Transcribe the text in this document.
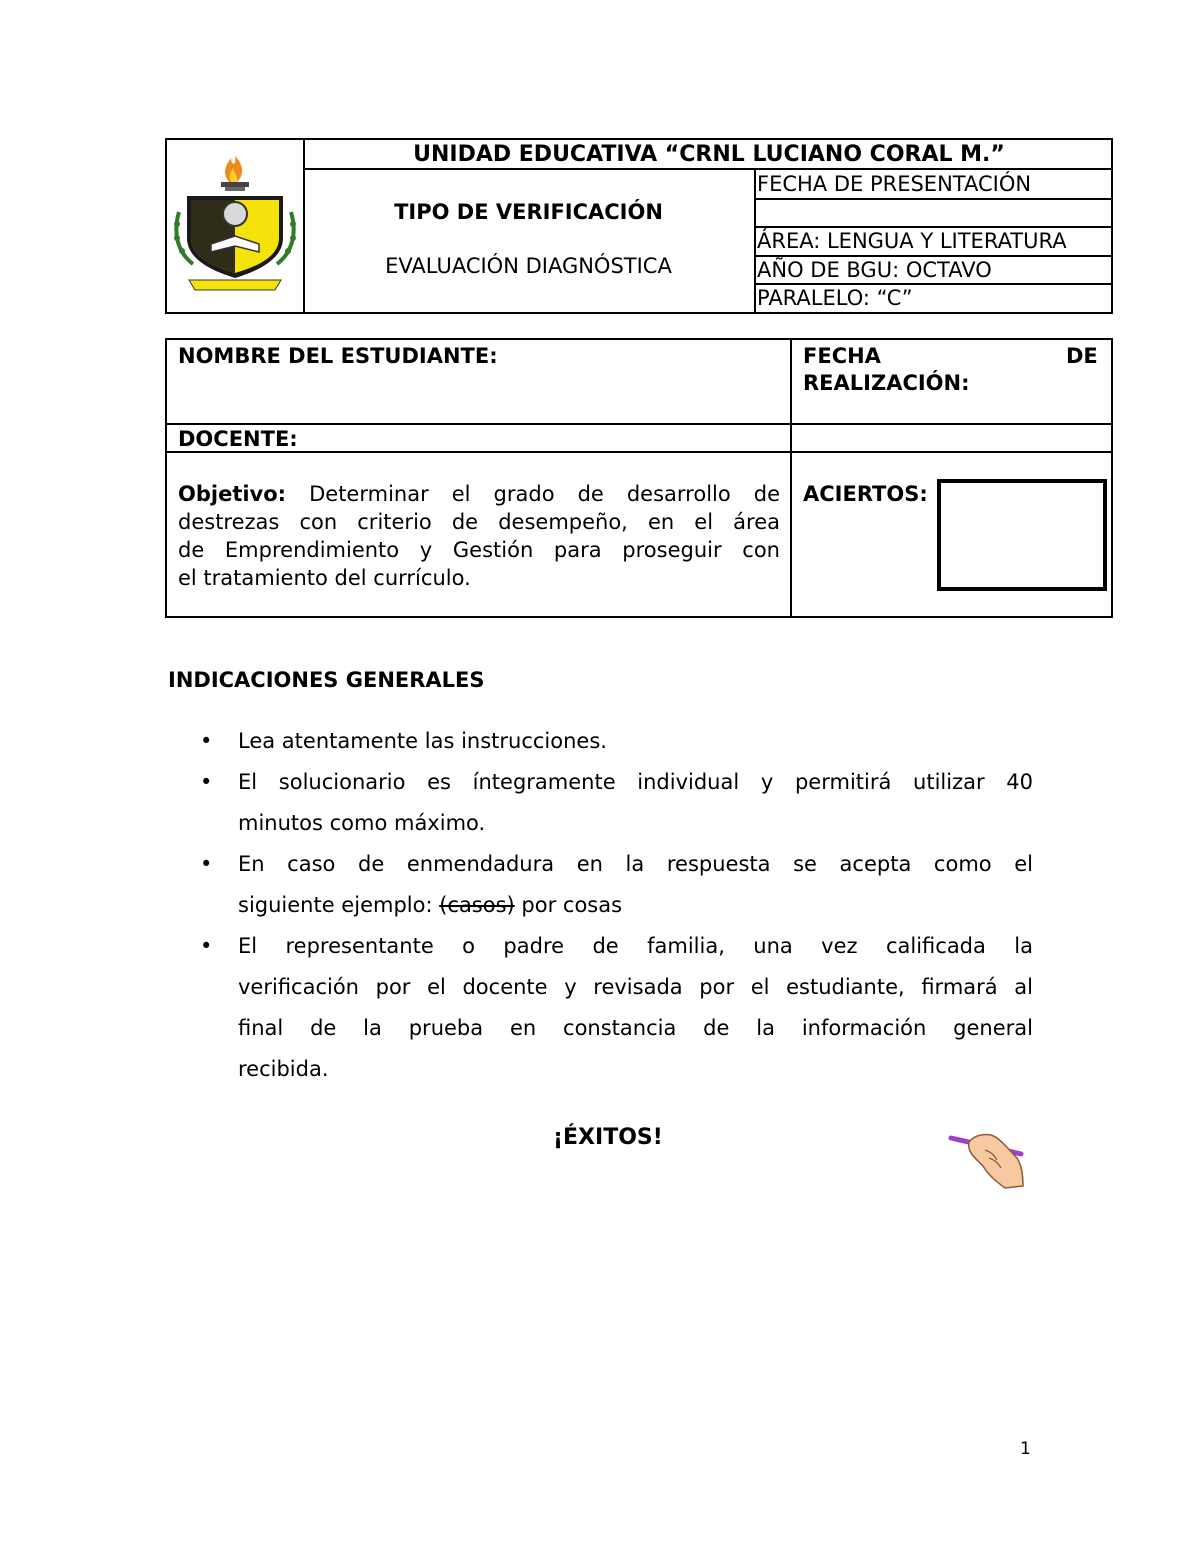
UNIDAD EDUCATIVA “CRNL LUCIANO CORAL M.”
TIPO DE VERIFICACIÓN
EVALUACIÓN DIAGNÓSTICA
FECHA DE PRESENTACIÓN
ÁREA: LENGUA Y LITERATURA
AÑO DE BGU: OCTAVO
PARALELO: “C”
NOMBRE DEL ESTUDIANTE:	FECHA	DE
REALIZACIÓN:
DOCENTE:
Objetivo: Determinar el grado de desarrollo de
destrezas con criterio de desempeño, en el área
de Emprendimiento y Gestión para proseguir con
el tratamiento del currículo.
ACIERTOS:
INDICACIONES GENERALES
• Lea atentamente las instrucciones.
• El solucionario es íntegramente individual y permitirá utilizar 40
minutos como máximo.
• En caso de enmendadura en la respuesta se acepta como el
siguiente ejemplo: (casos) por cosas
• El representante o padre de familia, una vez calificada la
verificación por el docente y revisada por el estudiante, firmará al
final de la prueba en constancia de la información general
recibida.
¡ÉXITOS!
1
